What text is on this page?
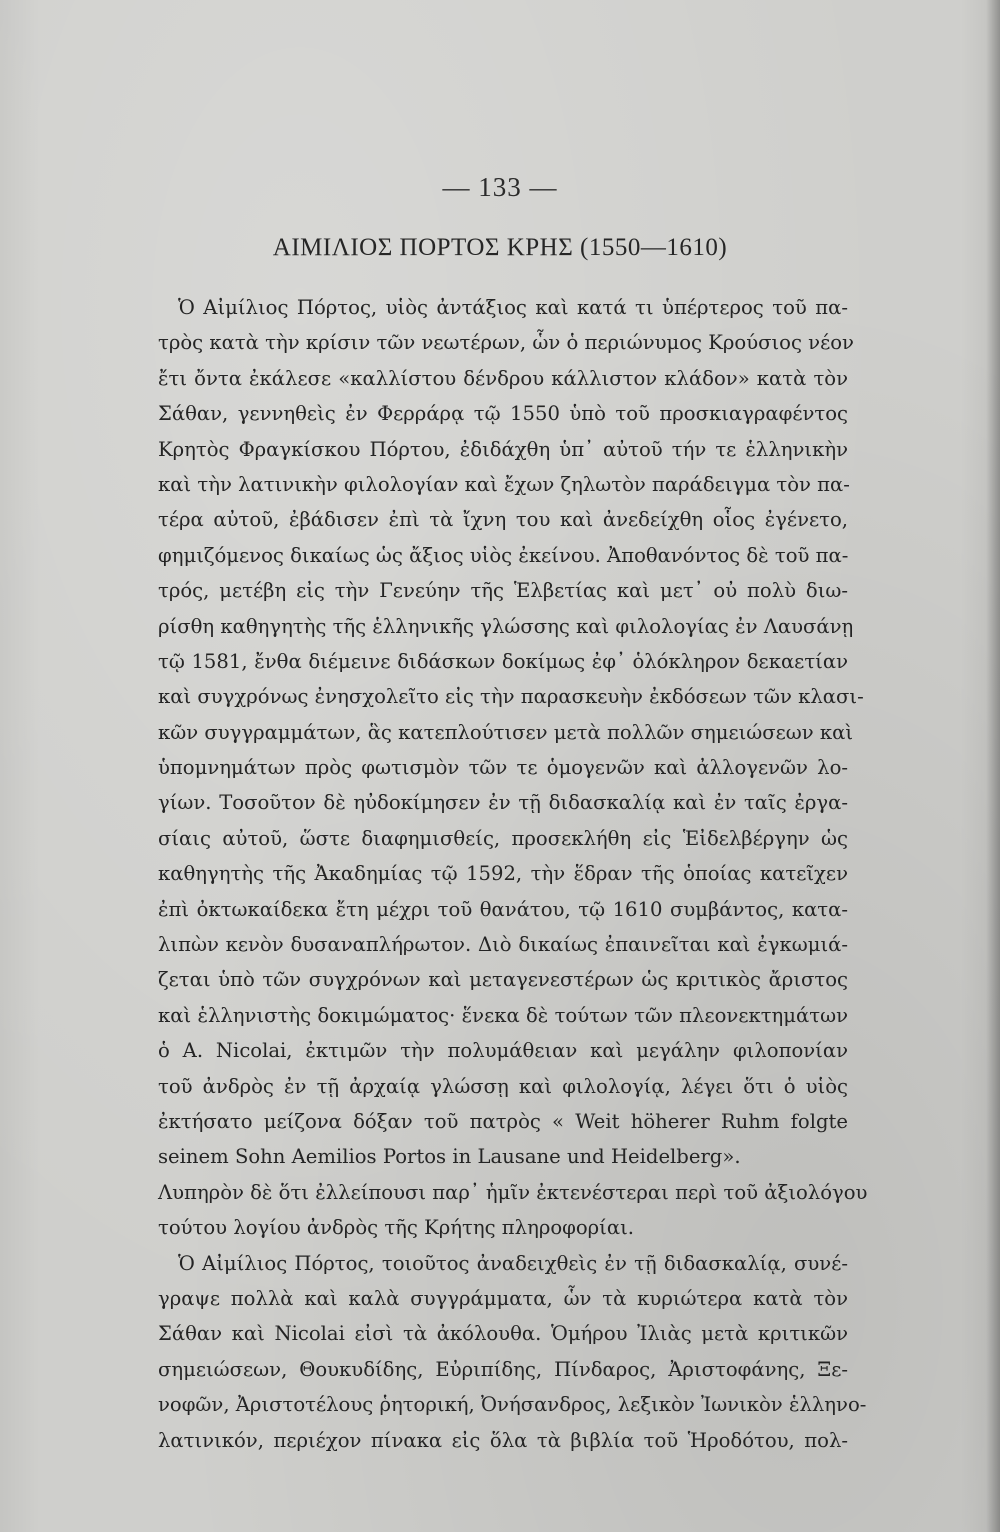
— 133 —
ΑΙΜΙΛΙΟΣ ΠΟΡΤΟΣ ΚΡΗΣ (1550—1610)
Ὁ Αἰμίλιος Πόρτος, υἱὸς ἀντάξιος καὶ κατά τι ὑπέρτερος τοῦ πα-
τρὸς κατὰ τὴν κρίσιν τῶν νεωτέρων, ὧν ὁ περιώνυμος Κρούσιος νέον
ἔτι ὄντα ἐκάλεσε «καλλίστου δένδρου κάλλιστον κλάδον» κατὰ τὸν
Σάθαν, γεννηθεὶς ἐν Φερράρᾳ τῷ 1550 ὑπὸ τοῦ προσκιαγραφέντος
Κρητὸς Φραγκίσκου Πόρτου, ἐδιδάχθη ὑπ᾿ αὐτοῦ τήν τε ἑλληνικὴν
καὶ τὴν λατινικὴν φιλολογίαν καὶ ἔχων ζηλωτὸν παράδειγμα τὸν πα-
τέρα αὐτοῦ, ἐβάδισεν ἐπὶ τὰ ἴχνη του καὶ ἀνεδείχθη οἷος ἐγένετο,
φημιζόμενος δικαίως ὡς ἄξιος υἱὸς ἐκείνου. Ἀποθανόντος δὲ τοῦ πα-
τρός, μετέβη εἰς τὴν Γενεύην τῆς Ἑλβετίας καὶ μετ᾿ οὐ πολὺ διω-
ρίσθη καθηγητὴς τῆς ἑλληνικῆς γλώσσης καὶ φιλολογίας ἐν Λαυσάνῃ
τῷ 1581, ἔνθα διέμεινε διδάσκων δοκίμως ἐφ᾿ ὁλόκληρον δεκαετίαν
καὶ συγχρόνως ἐνησχολεῖτο εἰς τὴν παρασκευὴν ἐκδόσεων τῶν κλασι-
κῶν συγγραμμάτων, ἃς κατεπλούτισεν μετὰ πολλῶν σημειώσεων καὶ
ὑπομνημάτων πρὸς φωτισμὸν τῶν τε ὁμογενῶν καὶ ἀλλογενῶν λο-
γίων. Τοσοῦτον δὲ ηὐδοκίμησεν ἐν τῇ διδασκαλίᾳ καὶ ἐν ταῖς ἐργα-
σίαις αὐτοῦ, ὥστε διαφημισθείς, προσεκλήθη εἰς Ἑἰδελβέργην ὡς
καθηγητὴς τῆς Ἀκαδημίας τῷ 1592, τὴν ἕδραν τῆς ὁποίας κατεῖχεν
ἐπὶ ὀκτωκαίδεκα ἔτη μέχρι τοῦ θανάτου, τῷ 1610 συμβάντος, κατα-
λιπὼν κενὸν δυσαναπλήρωτον. Διὸ δικαίως ἐπαινεῖται καὶ ἐγκωμιά-
ζεται ὑπὸ τῶν συγχρόνων καὶ μεταγενεστέρων ὡς κριτικὸς ἄριστος
καὶ ἑλληνιστὴς δοκιμώματος· ἕνεκα δὲ τούτων τῶν πλεονεκτημάτων
ὁ A. Nicolai, ἐκτιμῶν τὴν πολυμάθειαν καὶ μεγάλην φιλοπονίαν
τοῦ ἀνδρὸς ἐν τῇ ἀρχαίᾳ γλώσσῃ καὶ φιλολογίᾳ, λέγει ὅτι ὁ υἱὸς
ἐκτήσατο μείζονα δόξαν τοῦ πατρὸς « Weit höherer Ruhm folgte
seinem Sohn Aemilios Portos in Lausane und Heidelberg».
Λυπηρὸν δὲ ὅτι ἐλλείπουσι παρ᾿ ἡμῖν ἐκτενέστεραι περὶ τοῦ ἀξιολόγου
τούτου λογίου ἀνδρὸς τῆς Κρήτης πληροφορίαι.
Ὁ Αἰμίλιος Πόρτος, τοιοῦτος ἀναδειχθεὶς ἐν τῇ διδασκαλίᾳ, συνέ-
γραψε πολλὰ καὶ καλὰ συγγράμματα, ὧν τὰ κυριώτερα κατὰ τὸν
Σάθαν καὶ Nicolai εἰσὶ τὰ ἀκόλουθα. Ὁμήρου Ἰλιὰς μετὰ κριτικῶν
σημειώσεων, Θουκυδίδης, Εὐριπίδης, Πίνδαρος, Ἀριστοφάνης, Ξε-
νοφῶν, Ἀριστοτέλους ῥητορική, Ὀνήσανδρος, λεξικὸν Ἰωνικὸν ἑλληνο-
λατινικόν, περιέχον πίνακα εἰς ὅλα τὰ βιβλία τοῦ Ἡροδότου, πολ-
